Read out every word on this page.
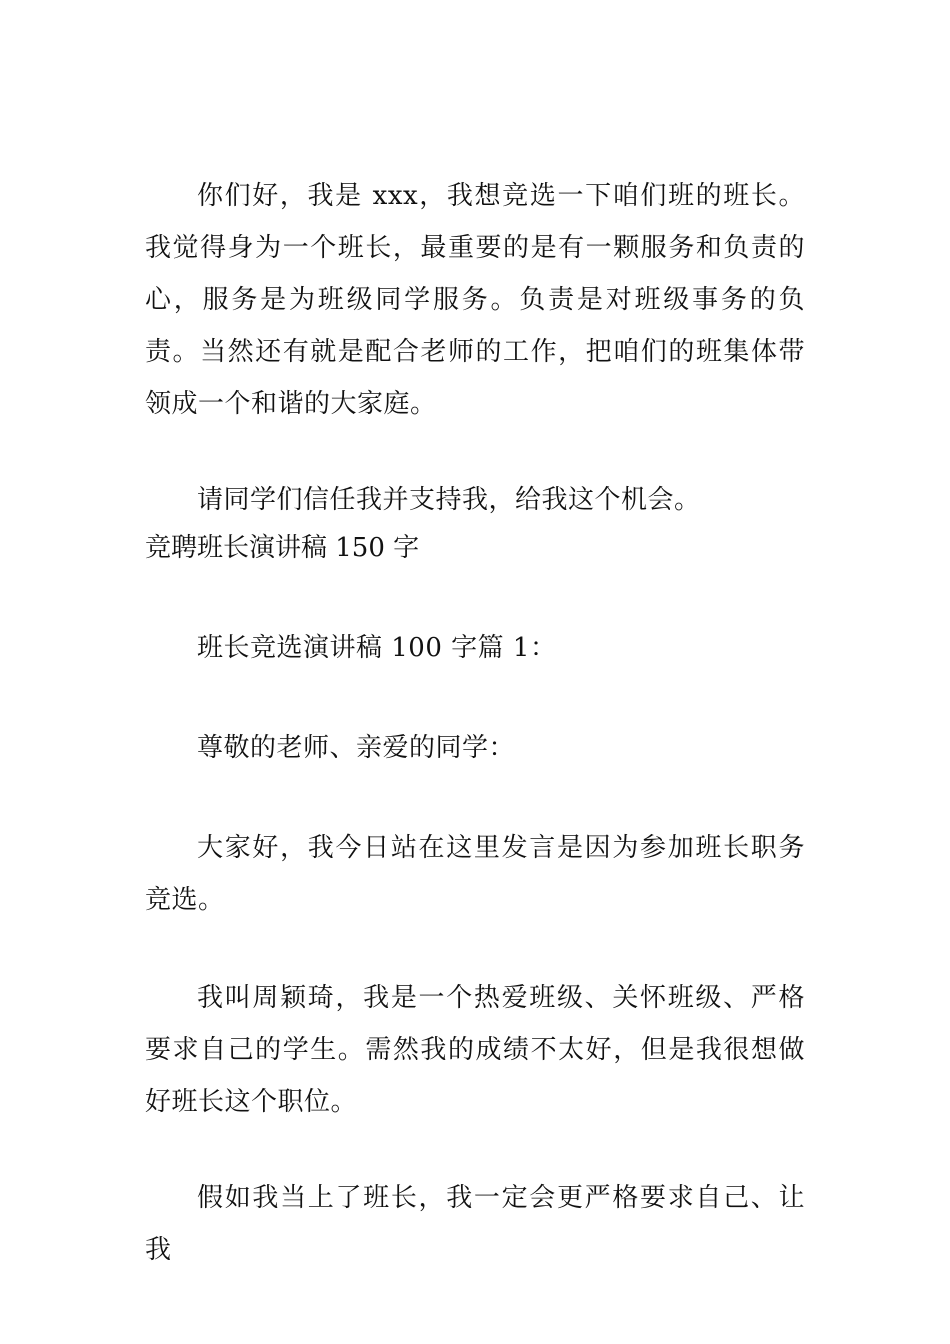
你们好，我是 xxx，我想竞选一下咱们班的班长。我觉得身为一个班长，最重要的是有一颗服务和负责的心，服务是为班级同学服务。负责是对班级事务的负责。当然还有就是配合老师的工作，把咱们的班集体带领成一个和谐的大家庭。

请同学们信任我并支持我，给我这个机会。

竞聘班长演讲稿 150 字

班长竞选演讲稿 100 字篇 1：

尊敬的老师、亲爱的同学：

大家好，我今日站在这里发言是因为参加班长职务竞选。

我叫周颖琦，我是一个热爱班级、关怀班级、严格要求自己的学生。需然我的成绩不太好，但是我很想做好班长这个职位。

假如我当上了班长，我一定会更严格要求自己、让我
